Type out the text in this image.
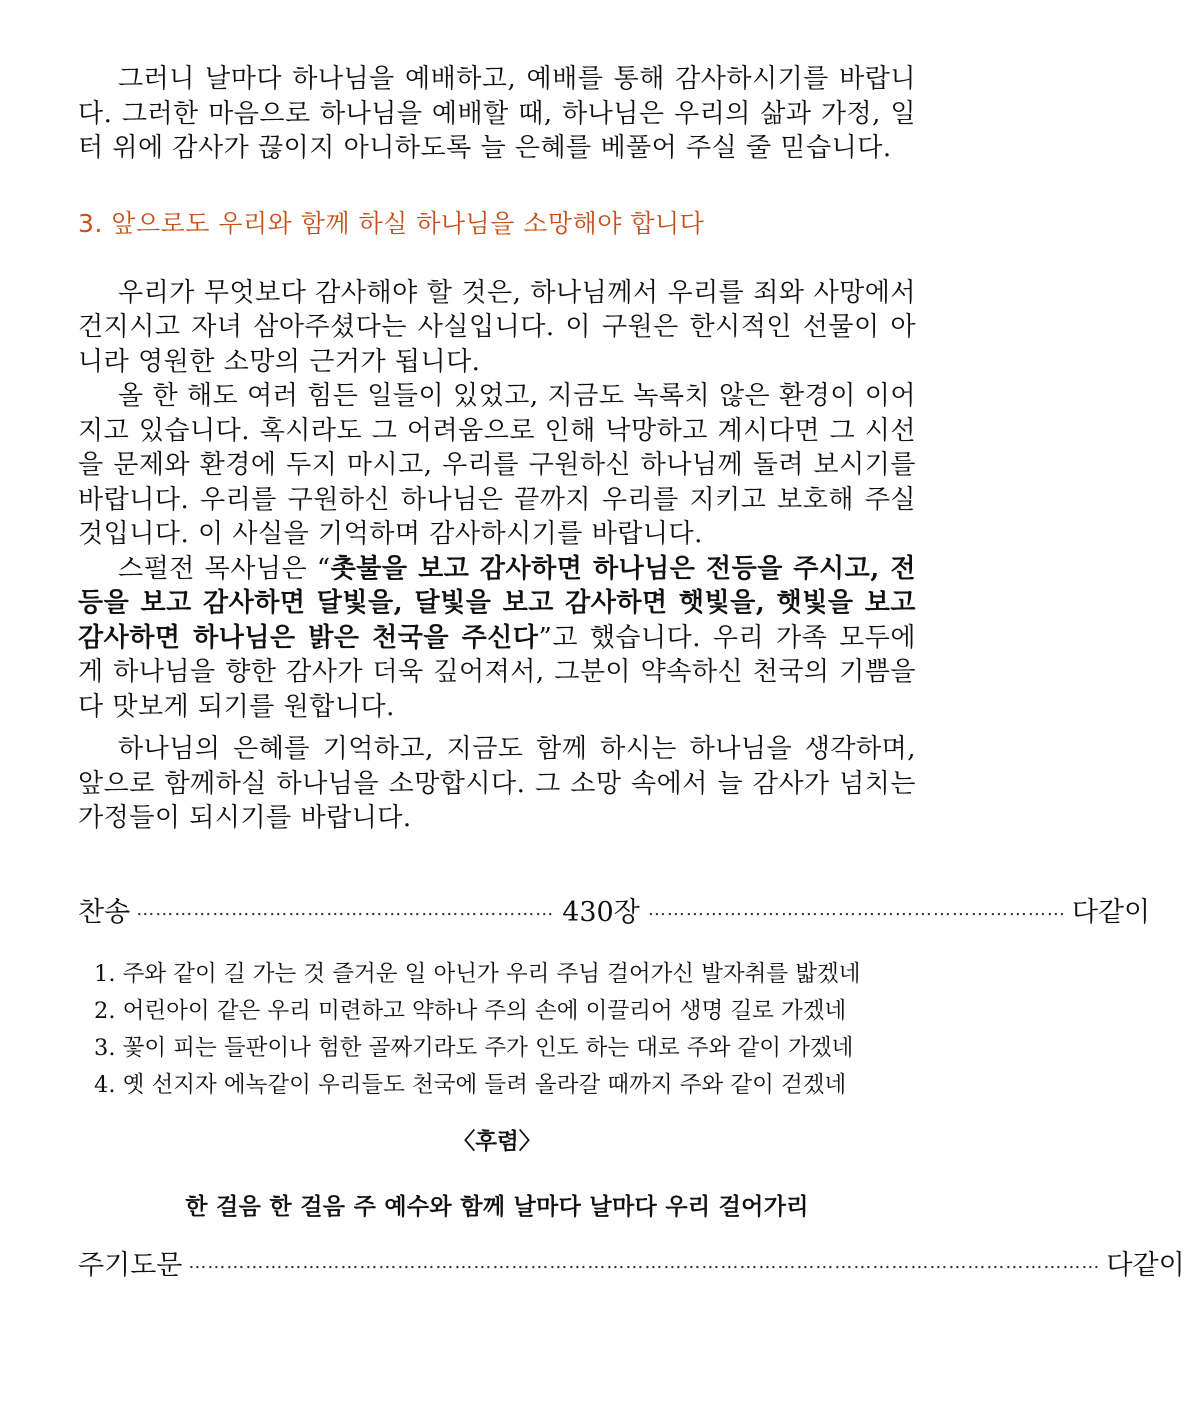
그러니 날마다 하나님을 예배하고, 예배를 통해 감사하시기를 바랍니다. 그러한 마음으로 하나님을 예배할 때, 하나님은 우리의 삶과 가정, 일터 위에 감사가 끊이지 아니하도록 늘 은혜를 베풀어 주실 줄 믿습니다.

3. 앞으로도 우리와 함께 하실 하나님을 소망해야 합니다

우리가 무엇보다 감사해야 할 것은, 하나님께서 우리를 죄와 사망에서 건지시고 자녀 삼아주셨다는 사실입니다. 이 구원은 한시적인 선물이 아니라 영원한 소망의 근거가 됩니다.

올 한 해도 여러 힘든 일들이 있었고, 지금도 녹록치 않은 환경이 이어지고 있습니다. 혹시라도 그 어려움으로 인해 낙망하고 계시다면 그 시선을 문제와 환경에 두지 마시고, 우리를 구원하신 하나님께 돌려 보시기를 바랍니다. 우리를 구원하신 하나님은 끝까지 우리를 지키고 보호해 주실 것입니다. 이 사실을 기억하며 감사하시기를 바랍니다.

스펄전 목사님은 “촛불을 보고 감사하면 하나님은 전등을 주시고, 전등을 보고 감사하면 달빛을, 달빛을 보고 감사하면 햇빛을, 햇빛을 보고 감사하면 하나님은 밝은 천국을 주신다”고 했습니다. 우리 가족 모두에게 하나님을 향한 감사가 더욱 깊어져서, 그분이 약속하신 천국의 기쁨을 다 맛보게 되기를 원합니다.

하나님의 은혜를 기억하고, 지금도 함께 하시는 하나님을 생각하며, 앞으로 함께하실 하나님을 소망합시다. 그 소망 속에서 늘 감사가 넘치는 가정들이 되시기를 바랍니다.

찬 송 ………………………………………………………… 430장 ………………………………………………………… 다 같 이
1. 주와 같이 길 가는 것 즐거운 일 아닌가 우리 주님 걸어가신 발자취를 밟겠네
2. 어린아이 같은 우리 미련하고 약하나 주의 손에 이끌리어 생명 길로 가겠네
3. 꽃이 피는 들판이나 험한 골짜기라도 주가 인도 하는 대로 주와 같이 가겠네
4. 옛 선지자 에녹같이 우리들도 천국에 들려 올라갈 때까지 주와 같이 걷겠네
〈후렴〉
한 걸음 한 걸음 주 예수와 함께 날마다 날마다 우리 걸어가리
주 기 도 문 ……………………………………………………………………………………………………………………………… 다 같 이
